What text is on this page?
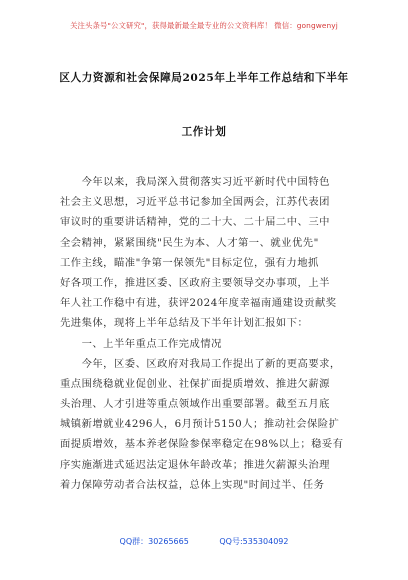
关注头条号"公文研究"，获得最新最全最专业的公文资料库！ 微信：gongwenyj
区人力资源和社会保障局2025年上半年工作总结和下半年
工作计划
　　今年以来，我局深入贯彻落实习近平新时代中国特色
社会主义思想，习近平总书记参加全国两会，江苏代表团
审议时的重要讲话精神，党的二十大、二十届二中、三中
全会精神，紧紧围绕"民生为本、人才第一、就业优先"
工作主线，瞄准"争第一保领先"目标定位，强有力地抓
好各项工作，推进区委、区政府主要领导交办事项，上半
年人社工作稳中有进，获评2024年度幸福南通建设贡献奖
先进集体，现将上半年总结及下半年计划汇报如下：
　　一、上半年重点工作完成情况
　　今年，区委、区政府对我局工作提出了新的更高要求，
重点围绕稳就业促创业、社保扩面提质增效、推进欠薪源
头治理、人才引进等重点领域作出重要部署。截至五月底
城镇新增就业4296人，6月预计5150人；推动社会保险扩
面提质增效，基本养老保险参保率稳定在98%以上；稳妥有
序实施渐进式延迟法定退休年龄改革；推进欠薪源头治理
着力保障劳动者合法权益，总体上实现"时间过半、任务
QQ群：30265665	QQ号:535304092
